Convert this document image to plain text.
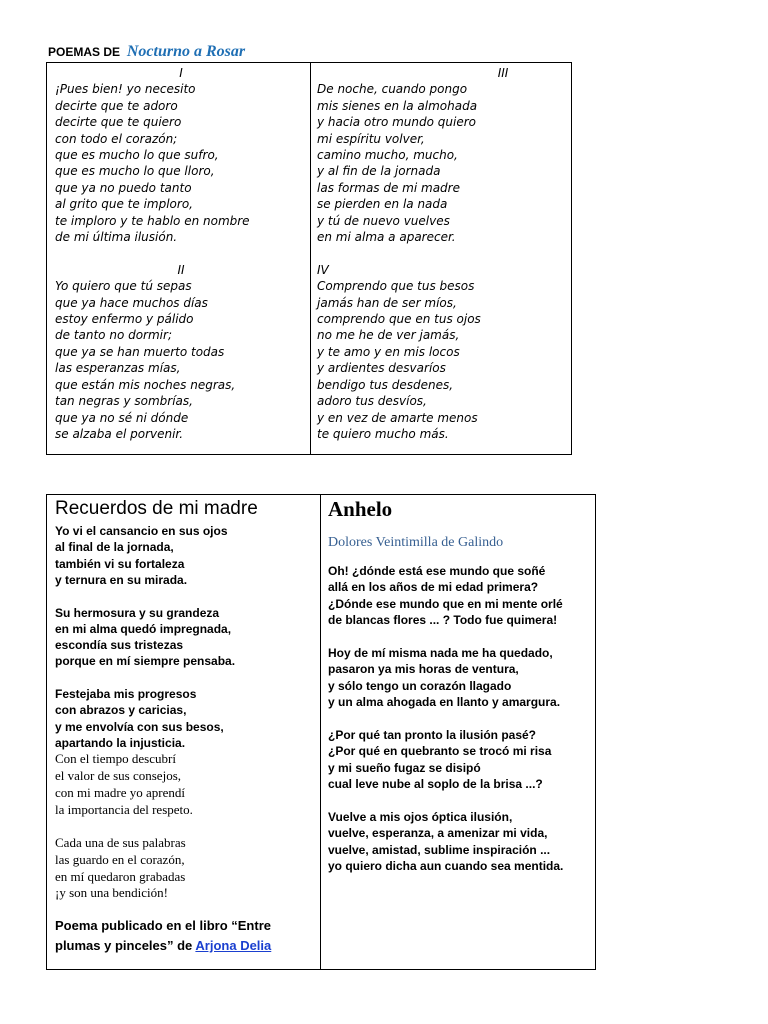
POEMAS DE Nocturno a Rosar
I
¡Pues bien! yo necesito
decirte que te adoro
decirte que te quiero
con todo el corazón;
que es mucho lo que sufro,
que es mucho lo que lloro,
que ya no puedo tanto
al grito que te imploro,
te imploro y te hablo en nombre
de mi última ilusión.
II
Yo quiero que tú sepas
que ya hace muchos días
estoy enfermo y pálido
de tanto no dormir;
que ya se han muerto todas
las esperanzas mías,
que están mis noches negras,
tan negras y sombrías,
que ya no sé ni dónde
se alzaba el porvenir.
III
De noche, cuando pongo
mis sienes en la almohada
y hacia otro mundo quiero
mi espíritu volver,
camino mucho, mucho,
y al fin de la jornada
las formas de mi madre
se pierden en la nada
y tú de nuevo vuelves
en mi alma a aparecer.
IV
Comprendo que tus besos
jamás han de ser míos,
comprendo que en tus ojos
no me he de ver jamás,
y te amo y en mis locos
y ardientes desvaríos
bendigo tus desdenes,
adoro tus desvíos,
y en vez de amarte menos
te quiero mucho más.
Recuerdos de mi madre
Yo vi el cansancio en sus ojos
al final de la jornada,
también vi su fortaleza
y ternura en su mirada.
Su hermosura y su grandeza
en mi alma quedó impregnada,
escondía sus tristezas
porque en mí siempre pensaba.
Festejaba mis progresos
con abrazos y caricias,
y me envolvía con sus besos,
apartando la injusticia.
Con el tiempo descubrí
el valor de sus consejos,
con mi madre yo aprendí
la importancia del respeto.
Cada una de sus palabras
las guardo en el corazón,
en mí quedaron grabadas
¡y son una bendición!
Poema publicado en el libro “Entre
plumas y pinceles” de Arjona Delia
Anhelo
Dolores Veintimilla de Galindo
Oh! ¿dónde está ese mundo que soñé
allá en los años de mi edad primera?
¿Dónde ese mundo que en mi mente orlé
de blancas flores ... ? Todo fue quimera!
Hoy de mí misma nada me ha quedado,
pasaron ya mis horas de ventura,
y sólo tengo un corazón llagado
y un alma ahogada en llanto y amargura.
¿Por qué tan pronto la ilusión pasé?
¿Por qué en quebranto se trocó mi risa
y mi sueño fugaz se disipó
cual leve nube al soplo de la brisa ...?
Vuelve a mis ojos óptica ilusión,
vuelve, esperanza, a amenizar mi vida,
vuelve, amistad, sublime inspiración ...
yo quiero dicha aun cuando sea mentida.
